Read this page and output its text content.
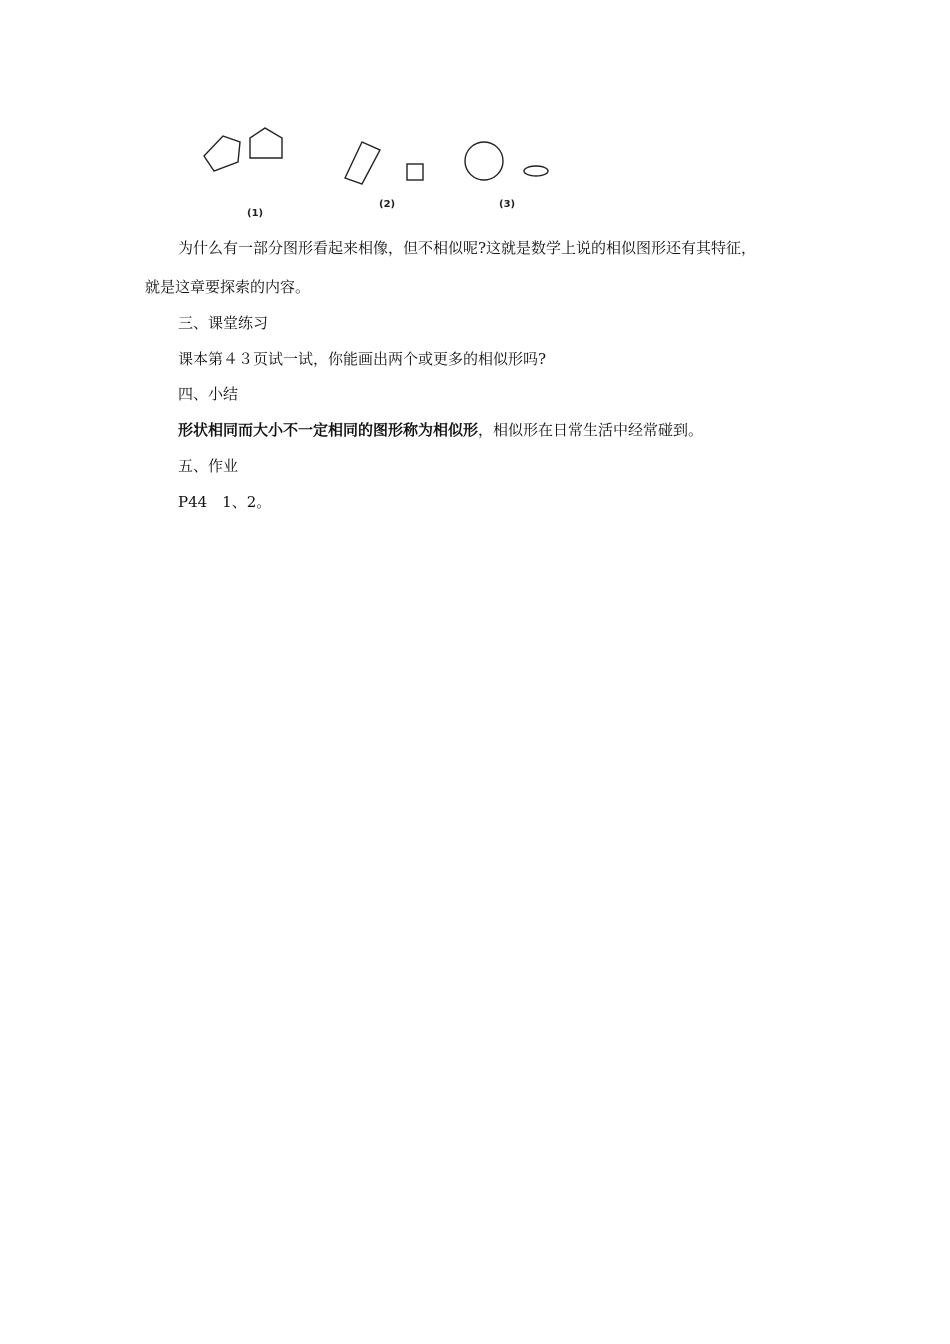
(1)
(2)	(3)
为什么有一部分图形看起来相像，但不相似呢?这就是数学上说的相似图形还有其特征，
就是这章要探索的内容。
三、课堂练习
课本第４３页试一试，你能画出两个或更多的相似形吗?
四、小结
形状相同而大小不一定相同的图形称为相似形，相似形在日常生活中经常碰到。
五、作业
P44　1、2。
